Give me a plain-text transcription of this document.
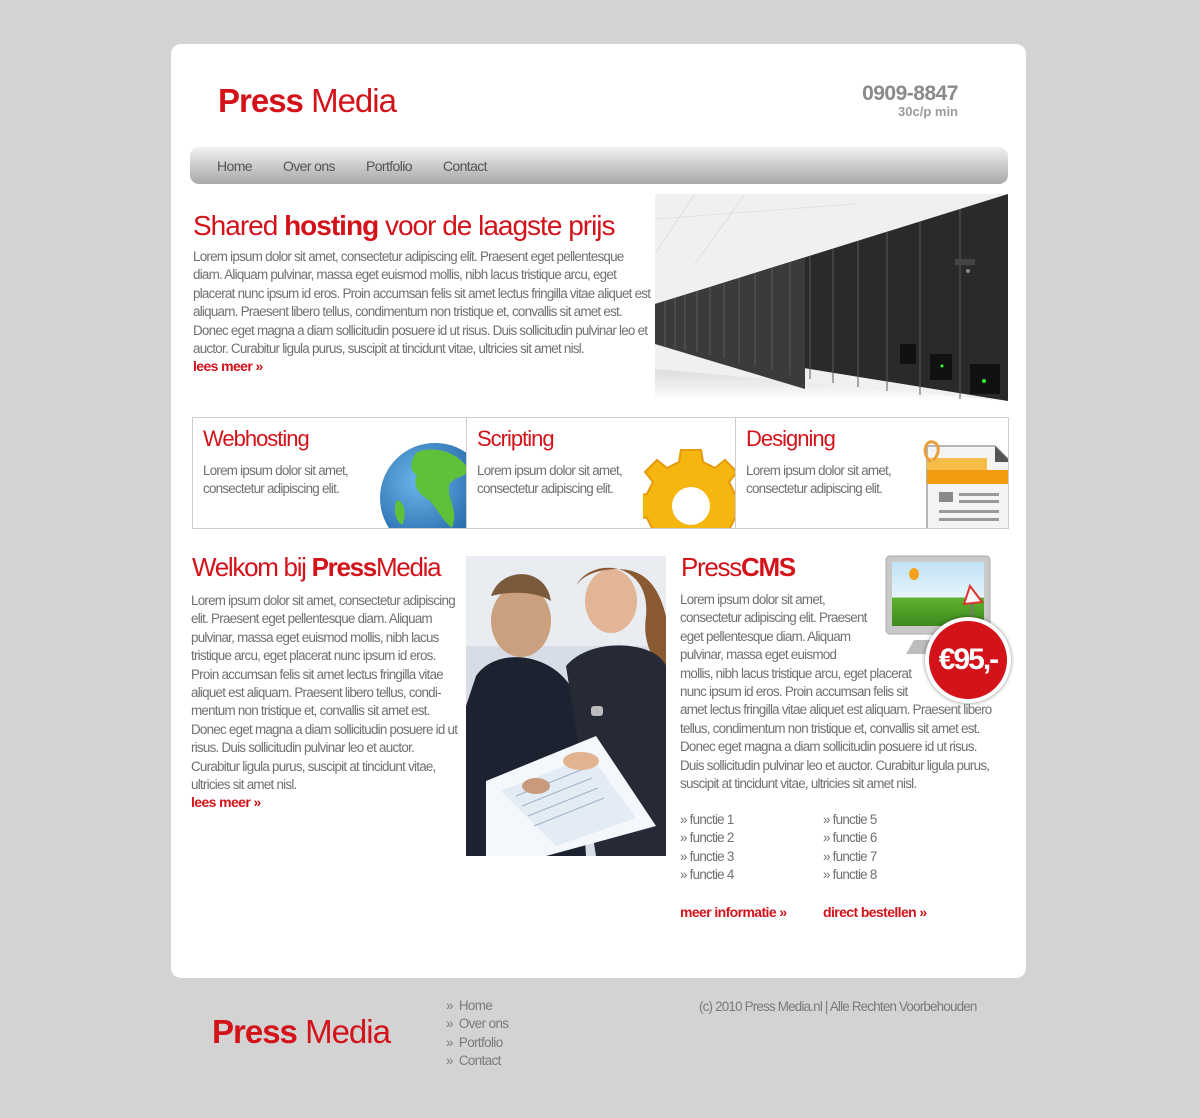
Press Media	0909-8847
30c/p min
Home Over ons Portfolio Contact
Shared hosting voor de laagste prijs

Lorem ipsum dolor sit amet, consectetur adipiscing elit. Praesent eget pellentesque diam. Aliquam pulvinar, massa eget euismod mollis, nibh lacus tristique arcu, eget placerat nunc ipsum id eros. Proin accumsan felis sit amet lectus fringilla vitae aliquet est aliquam. Praesent libero tellus, condimentum non tristique et, convallis sit amet est. Donec eget magna a diam sollicitudin posuere id ut risus. Duis sollicitudin pulvinar leo et auctor. Curabitur ligula purus, suscipit at tincidunt vitae, ultricies sit amet nisl.

lees meer »
Webhosting

Lorem ipsum dolor sit amet, consectetur adipiscing elit.

Scripting

Lorem ipsum dolor sit amet, consectetur adipiscing elit.

Designing

Lorem ipsum dolor sit amet, consectetur adipiscing elit.

Welkom bij PressMedia

Lorem ipsum dolor sit amet, consectetur adipiscing elit. Praesent eget pellentesque diam. Aliquam pulvinar, massa eget euismod mollis, nibh lacus tristique arcu, eget placerat nunc ipsum id eros. Proin accumsan felis sit amet lectus fringilla vitae aliquet est aliquam. Praesent libero tellus, condi-mentum non tristique et, convallis sit amet est. Donec eget magna a diam sollicitudin posuere id ut risus. Duis sollicitudin pulvinar leo et auctor. Curabitur ligula purus, suscipit at tincidunt vitae, ultricies sit amet nisl.

lees meer »
PressCMS
Lorem ipsum dolor sit amet,
consectetur adipiscing elit. Praesent
eget pellentesque diam. Aliquam
pulvinar, massa eget euismod
mollis, nibh lacus tristique arcu, eget placerat
nunc ipsum id eros. Proin accumsan felis sit
amet lectus fringilla vitae aliquet est aliquam. Praesent libero
tellus, condimentum non tristique et, convallis sit amet est.
Donec eget magna a diam sollicitudin posuere id ut risus.
Duis sollicitudin pulvinar leo et auctor. Curabitur ligula purus,
suscipit at tincidunt vitae, ultricies sit amet nisl.
€95,-
» functie 1
» functie 2
» functie 3
» functie 4
» functie 5
» functie 6
» functie 7
» functie 8
meer informatie »	direct bestellen »
Press Media
» Home
» Over ons
» Portfolio
» Contact
(c) 2010 Press Media.nl | Alle Rechten Voorbehouden
